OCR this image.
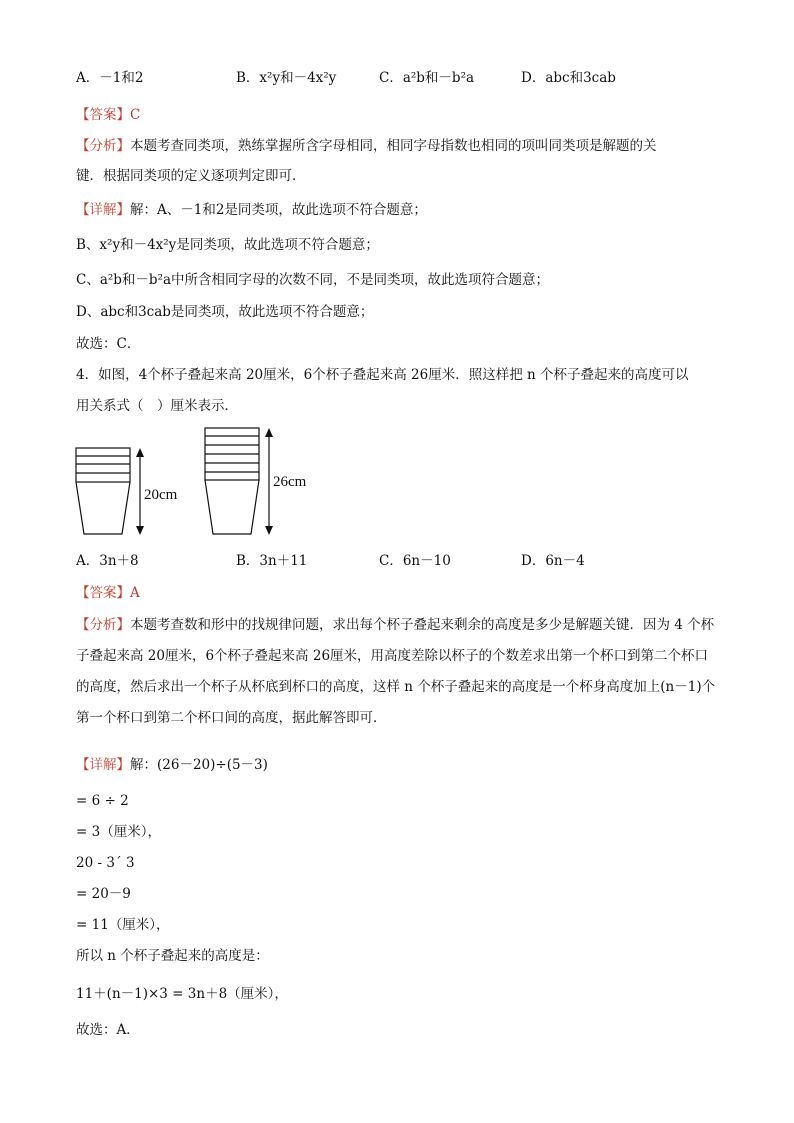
A．－1和2	B．x²y和－4x²y	C．a²b和－b²a	D．abc和3cab
【答案】C
【分析】本题考查同类项，熟练掌握所含字母相同，相同字母指数也相同的项叫同类项是解题的关
键．根据同类项的定义逐项判定即可．
【详解】解：A、－1和2是同类项，故此选项不符合题意；
B、x²y和－4x²y是同类项，故此选项不符合题意；
C、a²b和－b²a中所含相同字母的次数不同，不是同类项，故此选项符合题意；
D、abc和3cab是同类项，故此选项不符合题意；
故选：C．
4．如图，4个杯子叠起来高 20厘米，6个杯子叠起来高 26厘米．照这样把 n 个杯子叠起来的高度可以
用关系式（　）厘米表示．
20cm
26cm
A．3n＋8	B．3n＋11	C．6n－10	D．6n－4
【答案】A
【分析】本题考查数和形中的找规律问题，求出每个杯子叠起来剩余的高度是多少是解题关键．因为 4 个杯子叠起来高 20厘米，6个杯子叠起来高 26厘米，用高度差除以杯子的个数差求出第一个杯口到第二个杯口的高度，然后求出一个杯子从杯底到杯口的高度，这样 n 个杯子叠起来的高度是一个杯身高度加上(n－1)个第一个杯口到第二个杯口间的高度，据此解答即可．
【详解】解：(26－20)÷(5－3)
= 6 ÷ 2
= 3（厘米），
20 - 3´ 3
= 20－9
= 11（厘米），
所以 n 个杯子叠起来的高度是：
11＋(n－1)×3 = 3n＋8（厘米），
故选：A．
